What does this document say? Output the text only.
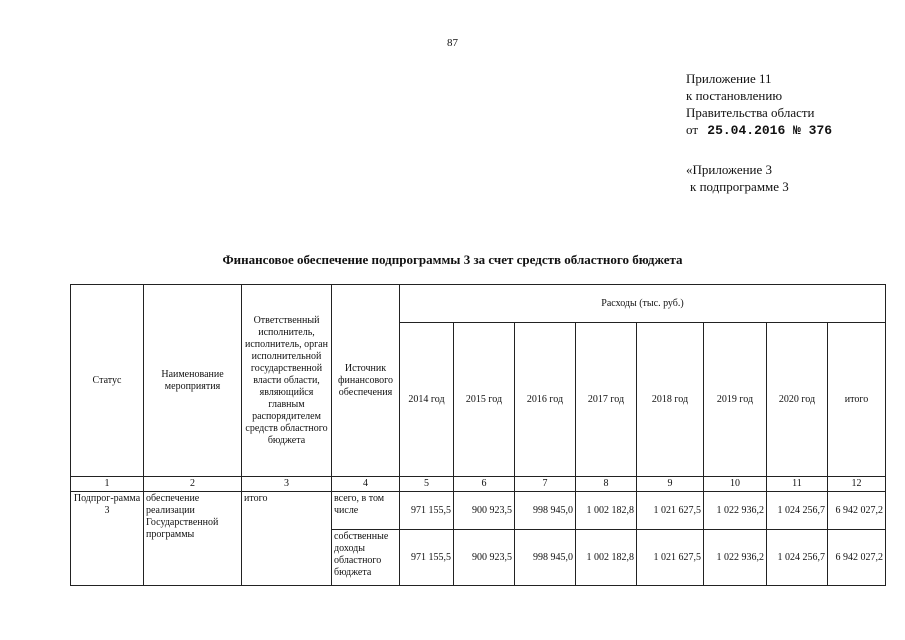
87
Приложение 11
к постановлению
Правительства области
от 25.04.2016 № 376
«Приложение 3
к подпрограмме 3
Финансовое обеспечение подпрограммы 3 за счет средств областного бюджета
Статус	Наименование мероприятия	Ответственный исполнитель, исполнитель, орган исполнительной государственной власти области, являющийся главным распорядителем средств областного бюджета	Источник финансового обеспечения	Расходы (тыс. руб.)							
				2014 год	2015 год	2016 год	2017 год	2018 год	2019 год	2020 год	итого
1	2	3	4	5	6	7	8	9	10	11	12
Подпрог-рамма 3	обеспечение реализации Государственной программы	итого	всего, в том числе	971 155,5	900 923,5	998 945,0	1 002 182,8	1 021 627,5	1 022 936,2	1 024 256,7	6 942 027,2
			собственные доходы областного бюджета	971 155,5	900 923,5	998 945,0	1 002 182,8	1 021 627,5	1 022 936,2	1 024 256,7	6 942 027,2
